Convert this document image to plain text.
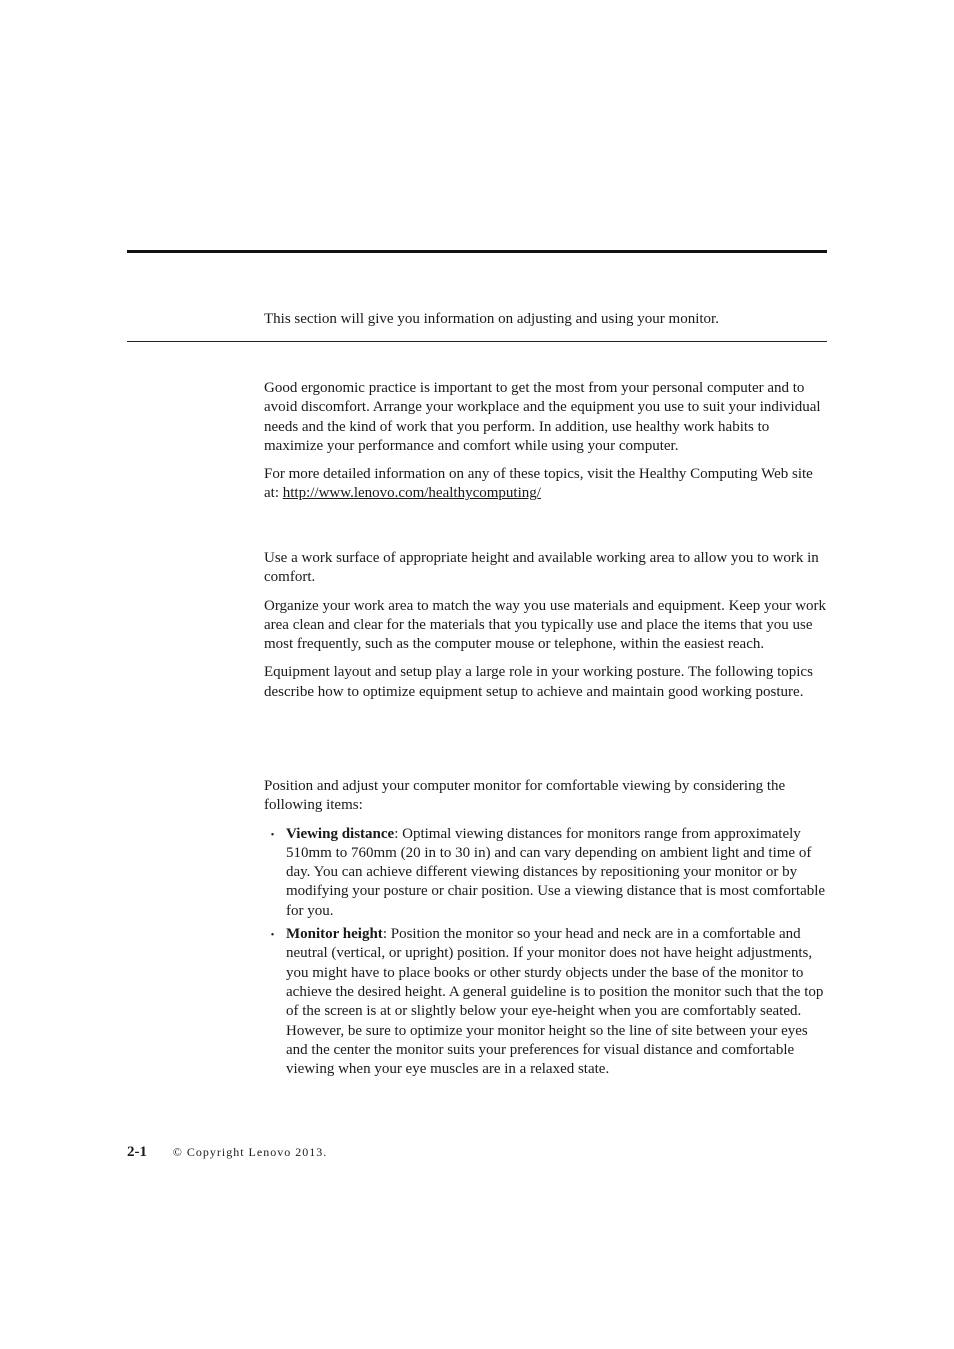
This section will give you information on adjusting and using your monitor.

Good ergonomic practice is important to get the most from your personal computer and to avoid discomfort. Arrange your workplace and the equipment you use to suit your individual needs and the kind of work that you perform. In addition, use healthy work habits to maximize your performance and comfort while using your computer.

For more detailed information on any of these topics, visit the Healthy Computing Web site at: http://www.lenovo.com/healthycomputing/

Use a work surface of appropriate height and available working area to allow you to work in comfort.

Organize your work area to match the way you use materials and equipment. Keep your work area clean and clear for the materials that you typically use and place the items that you use most frequently, such as the computer mouse or telephone, within the easiest reach.

Equipment layout and setup play a large role in your working posture. The following topics describe how to optimize equipment setup to achieve and maintain good working posture.

Position and adjust your computer monitor for comfortable viewing by considering the following items:

・ Viewing distance: Optimal viewing distances for monitors range from approximately 510mm to 760mm (20 in to 30 in) and can vary depending on ambient light and time of day. You can achieve different viewing distances by repositioning your monitor or by modifying your posture or chair position. Use a viewing distance that is most comfortable for you.
・ Monitor height: Position the monitor so your head and neck are in a comfortable and neutral (vertical, or upright) position. If your monitor does not have height adjustments, you might have to place books or other sturdy objects under the base of the monitor to achieve the desired height. A general guideline is to position the monitor such that the top of the screen is at or slightly below your eye-height when you are comfortably seated. However, be sure to optimize your monitor height so the line of site between your eyes and the center the monitor suits your preferences for visual distance and comfortable viewing when your eye muscles are in a relaxed state.
2-1 © Copyright Lenovo 2013.
